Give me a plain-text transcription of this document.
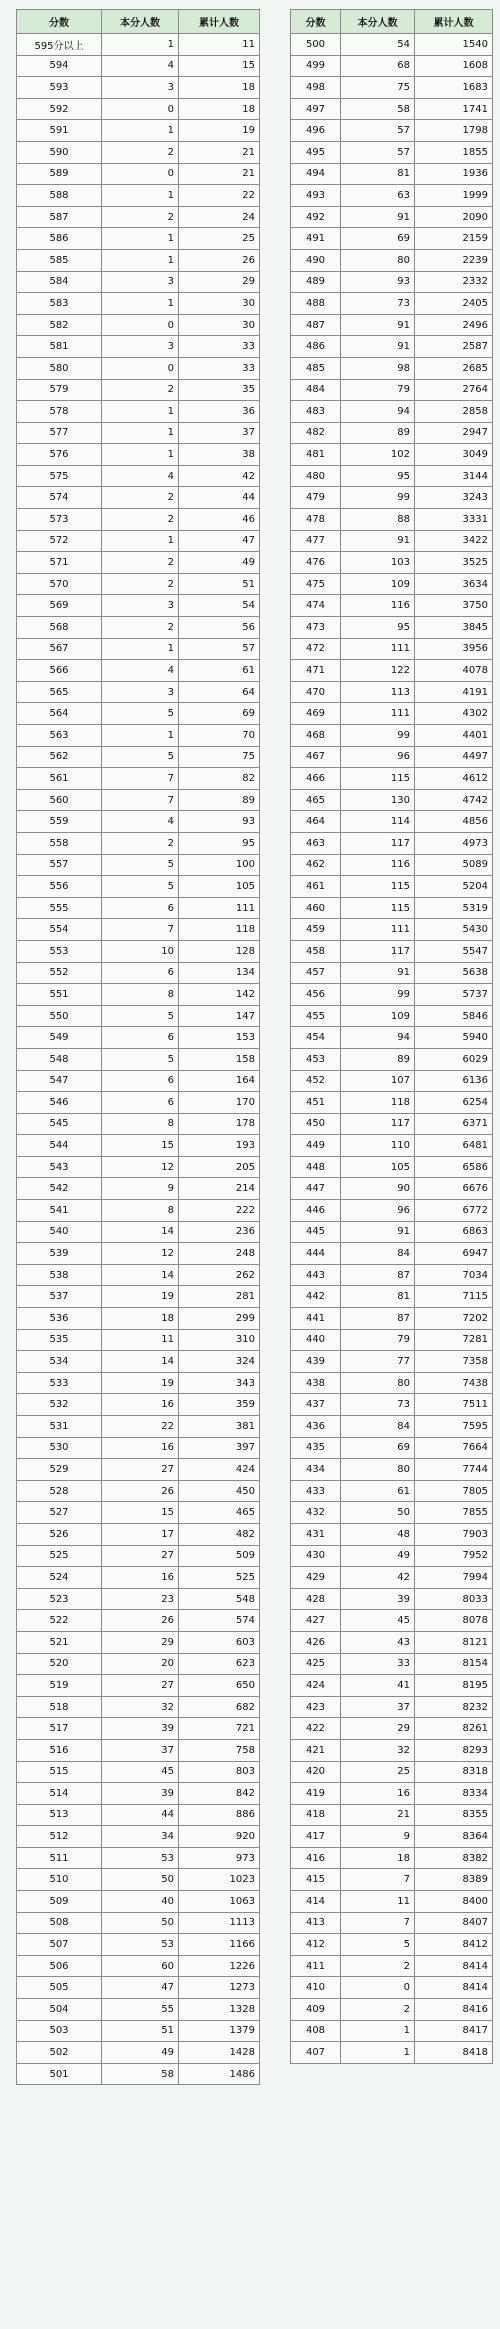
分数	本分人数	累计人数
595分以上	1	11
594	4	15
593	3	18
592	0	18
591	1	19
590	2	21
589	0	21
588	1	22
587	2	24
586	1	25
585	1	26
584	3	29
583	1	30
582	0	30
581	3	33
580	0	33
579	2	35
578	1	36
577	1	37
576	1	38
575	4	42
574	2	44
573	2	46
572	1	47
571	2	49
570	2	51
569	3	54
568	2	56
567	1	57
566	4	61
565	3	64
564	5	69
563	1	70
562	5	75
561	7	82
560	7	89
559	4	93
558	2	95
557	5	100
556	5	105
555	6	111
554	7	118
553	10	128
552	6	134
551	8	142
550	5	147
549	6	153
548	5	158
547	6	164
546	6	170
545	8	178
544	15	193
543	12	205
542	9	214
541	8	222
540	14	236
539	12	248
538	14	262
537	19	281
536	18	299
535	11	310
534	14	324
533	19	343
532	16	359
531	22	381
530	16	397
529	27	424
528	26	450
527	15	465
526	17	482
525	27	509
524	16	525
523	23	548
522	26	574
521	29	603
520	20	623
519	27	650
518	32	682
517	39	721
516	37	758
515	45	803
514	39	842
513	44	886
512	34	920
511	53	973
510	50	1023
509	40	1063
508	50	1113
507	53	1166
506	60	1226
505	47	1273
504	55	1328
503	51	1379
502	49	1428
501	58	1486
分数	本分人数	累计人数
500	54	1540
499	68	1608
498	75	1683
497	58	1741
496	57	1798
495	57	1855
494	81	1936
493	63	1999
492	91	2090
491	69	2159
490	80	2239
489	93	2332
488	73	2405
487	91	2496
486	91	2587
485	98	2685
484	79	2764
483	94	2858
482	89	2947
481	102	3049
480	95	3144
479	99	3243
478	88	3331
477	91	3422
476	103	3525
475	109	3634
474	116	3750
473	95	3845
472	111	3956
471	122	4078
470	113	4191
469	111	4302
468	99	4401
467	96	4497
466	115	4612
465	130	4742
464	114	4856
463	117	4973
462	116	5089
461	115	5204
460	115	5319
459	111	5430
458	117	5547
457	91	5638
456	99	5737
455	109	5846
454	94	5940
453	89	6029
452	107	6136
451	118	6254
450	117	6371
449	110	6481
448	105	6586
447	90	6676
446	96	6772
445	91	6863
444	84	6947
443	87	7034
442	81	7115
441	87	7202
440	79	7281
439	77	7358
438	80	7438
437	73	7511
436	84	7595
435	69	7664
434	80	7744
433	61	7805
432	50	7855
431	48	7903
430	49	7952
429	42	7994
428	39	8033
427	45	8078
426	43	8121
425	33	8154
424	41	8195
423	37	8232
422	29	8261
421	32	8293
420	25	8318
419	16	8334
418	21	8355
417	9	8364
416	18	8382
415	7	8389
414	11	8400
413	7	8407
412	5	8412
411	2	8414
410	0	8414
409	2	8416
408	1	8417
407	1	8418
